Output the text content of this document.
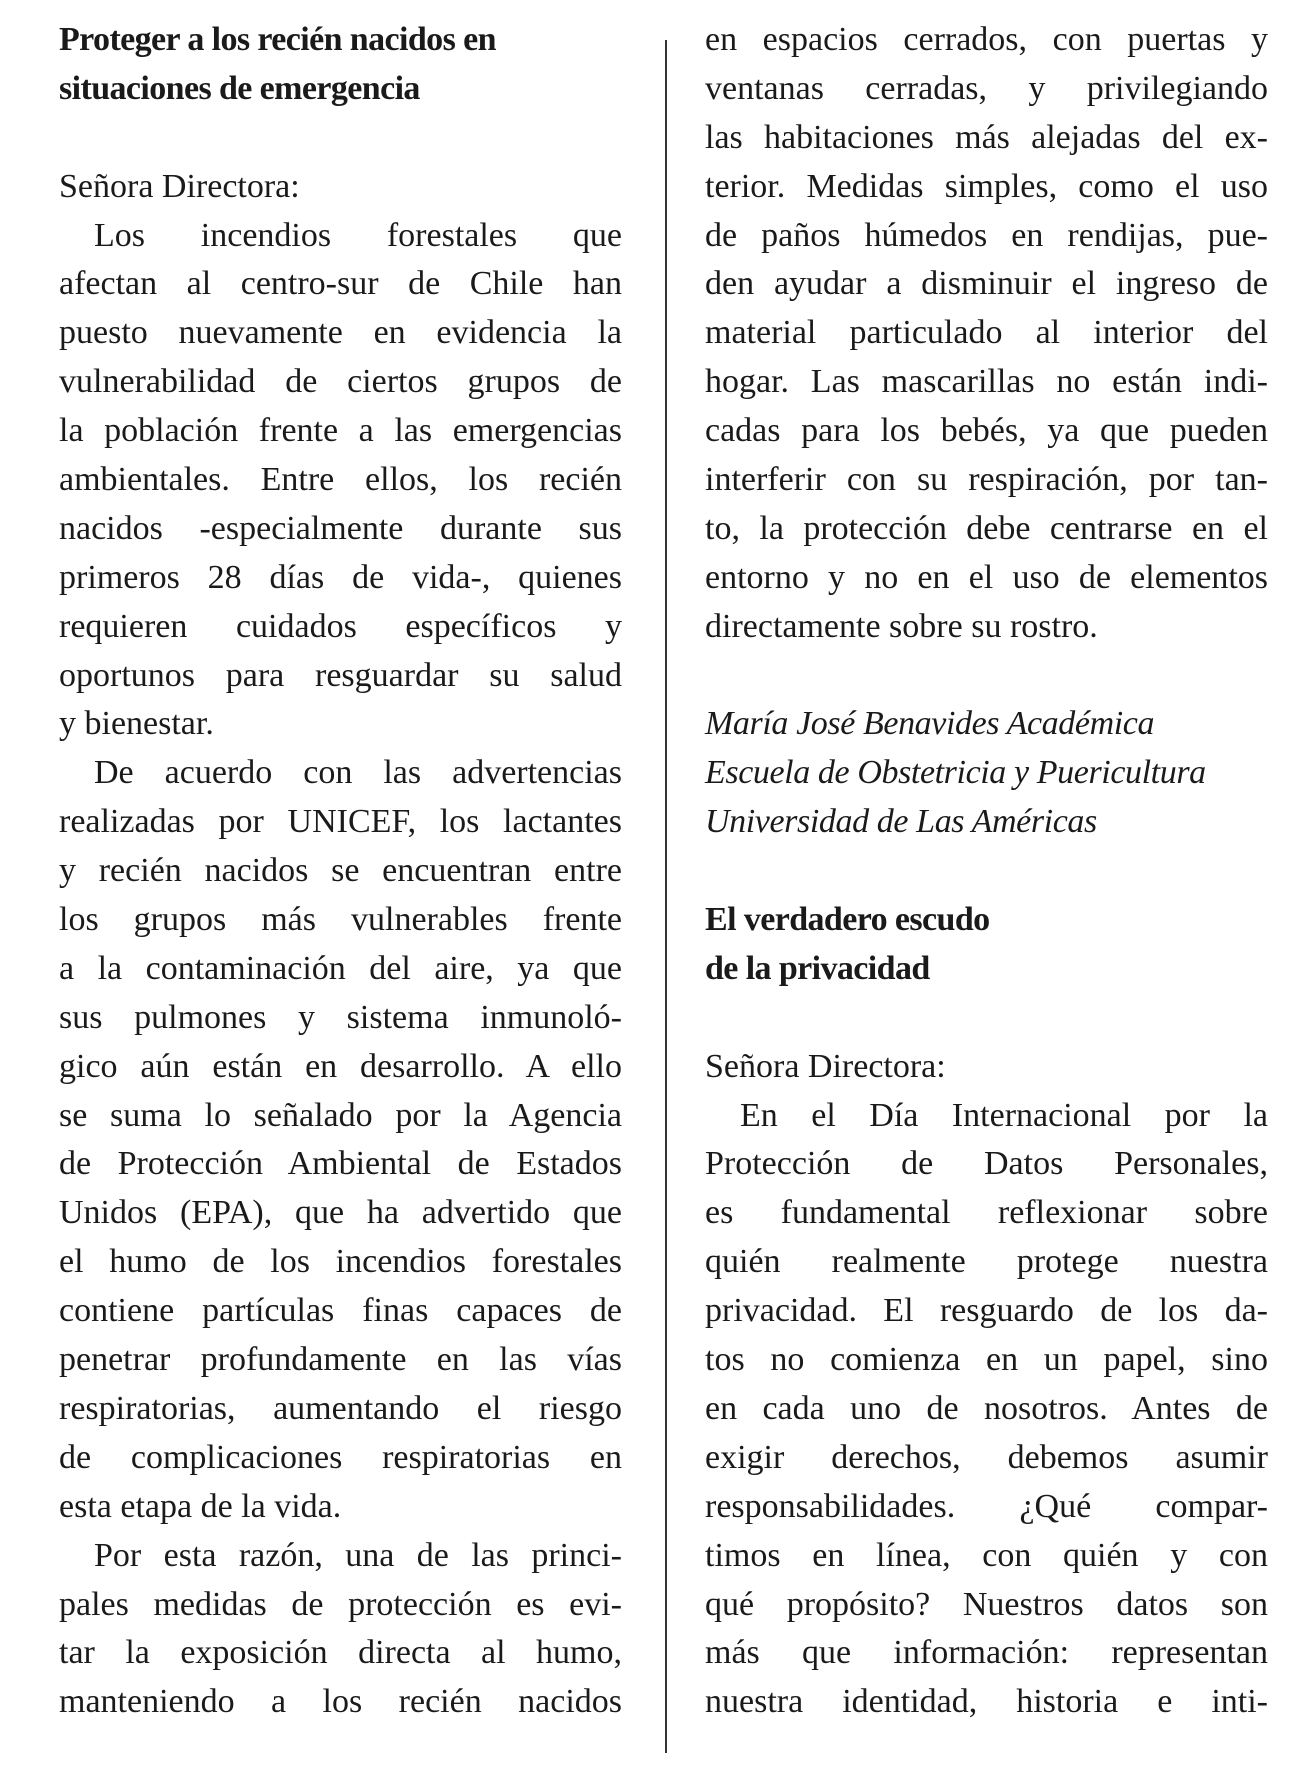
Proteger a los recién nacidos en
situaciones de emergencia
Señora Directora:
Los incendios forestales que
afectan al centro-sur de Chile han
puesto nuevamente en evidencia la
vulnerabilidad de ciertos grupos de
la población frente a las emergencias
ambientales. Entre ellos, los recién
nacidos -especialmente durante sus
primeros 28 días de vida-, quienes
requieren cuidados específicos y
oportunos para resguardar su salud
y bienestar.
De acuerdo con las advertencias
realizadas por UNICEF, los lactantes
y recién nacidos se encuentran entre
los grupos más vulnerables frente
a la contaminación del aire, ya que
sus pulmones y sistema inmunoló-
gico aún están en desarrollo. A ello
se suma lo señalado por la Agencia
de Protección Ambiental de Estados
Unidos (EPA), que ha advertido que
el humo de los incendios forestales
contiene partículas finas capaces de
penetrar profundamente en las vías
respiratorias, aumentando el riesgo
de complicaciones respiratorias en
esta etapa de la vida.
Por esta razón, una de las princi-
pales medidas de protección es evi-
tar la exposición directa al humo,
manteniendo a los recién nacidos
en espacios cerrados, con puertas y
ventanas cerradas, y privilegiando
las habitaciones más alejadas del ex-
terior. Medidas simples, como el uso
de paños húmedos en rendijas, pue-
den ayudar a disminuir el ingreso de
material particulado al interior del
hogar. Las mascarillas no están indi-
cadas para los bebés, ya que pueden
interferir con su respiración, por tan-
to, la protección debe centrarse en el
entorno y no en el uso de elementos
directamente sobre su rostro.
María José Benavides Académica
Escuela de Obstetricia y Puericultura
Universidad de Las Américas
El verdadero escudo
de la privacidad
Señora Directora:
En el Día Internacional por la
Protección de Datos Personales,
es fundamental reflexionar sobre
quién realmente protege nuestra
privacidad. El resguardo de los da-
tos no comienza en un papel, sino
en cada uno de nosotros. Antes de
exigir derechos, debemos asumir
responsabilidades. ¿Qué compar-
timos en línea, con quién y con
qué propósito? Nuestros datos son
más que información: representan
nuestra identidad, historia e inti-
